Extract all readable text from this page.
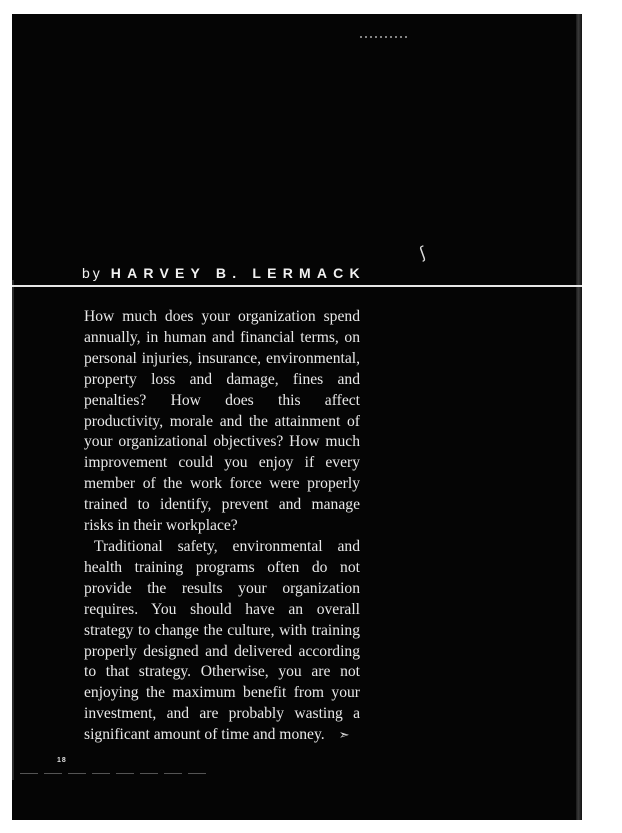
ʃ
by HARVEY B. LERMACK

How much does your organization spend annually, in human and financial terms, on personal injuries, insurance, environmental, property loss and damage, fines and penalties? How does this affect productivity, morale and the attainment of your organizational objectives? How much improvement could you enjoy if every member of the work force were properly trained to identify, prevent and manage risks in their workplace?

Traditional safety, environmental and health training programs often do not provide the results your organization requires. You should have an overall strategy to change the culture, with training properly designed and delivered according to that strategy. Otherwise, you are not enjoying the maximum benefit from your investment, and are probably wasting a significant amount of time and money. ➣

18
